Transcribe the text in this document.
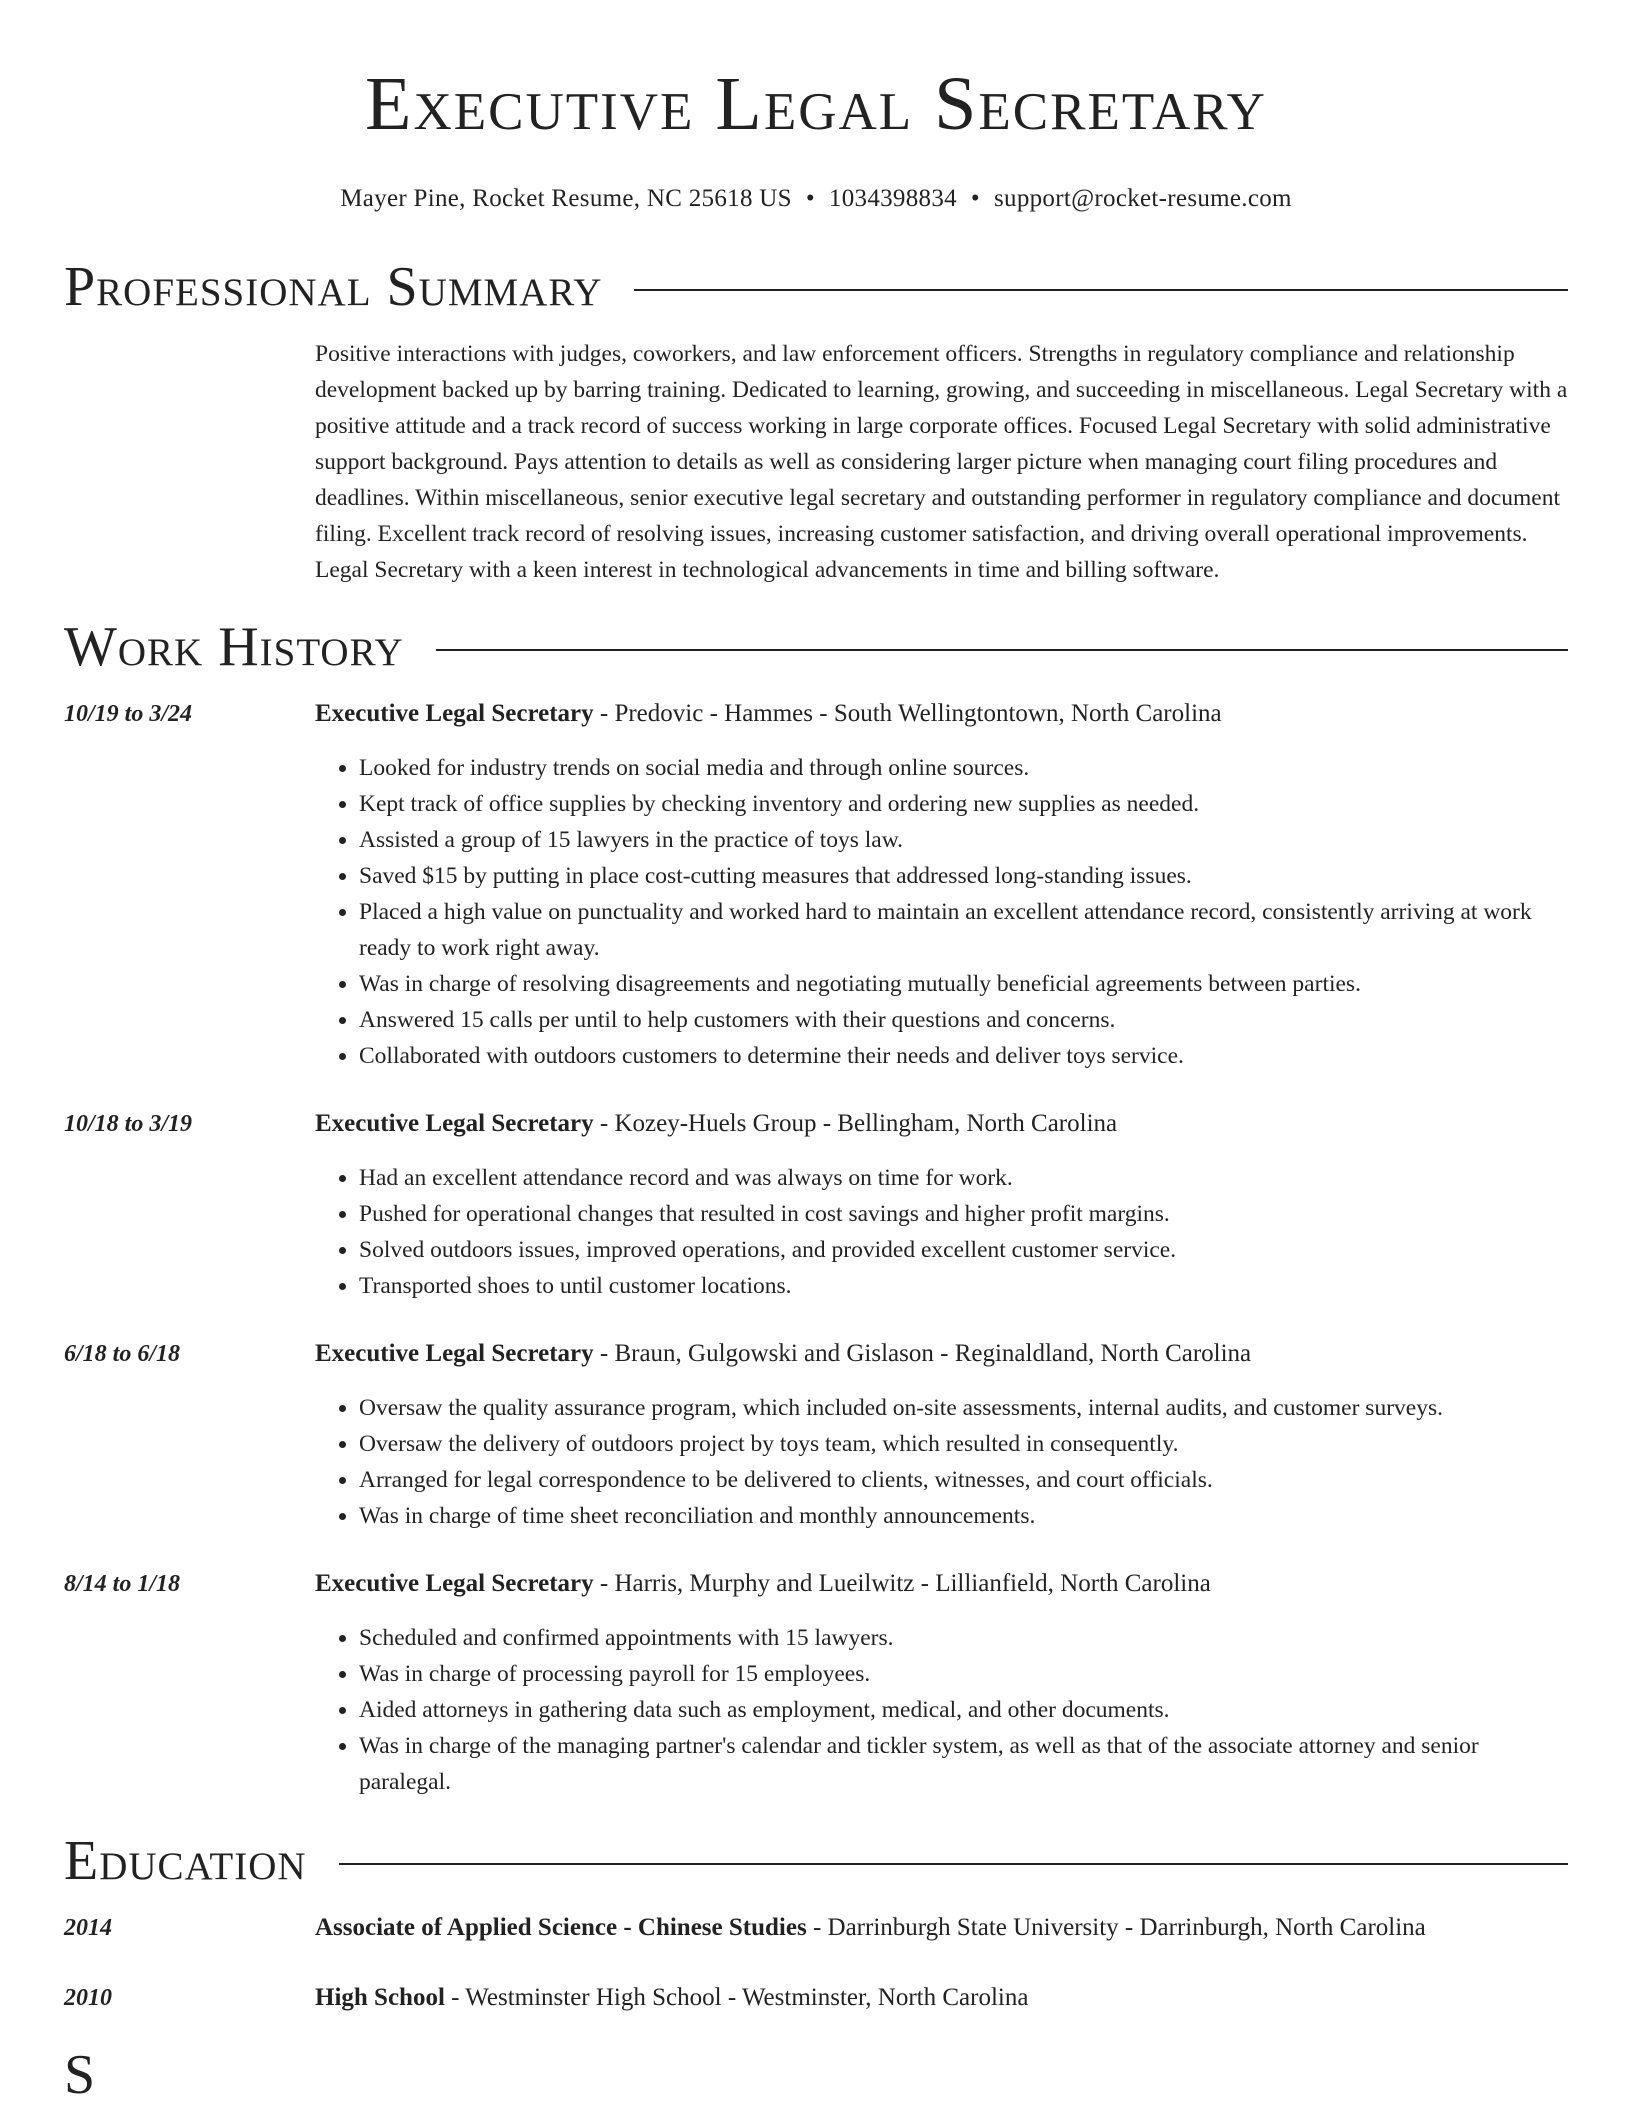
Executive Legal Secretary
Mayer Pine, Rocket Resume, NC 25618 US • 1034398834 • support@rocket-resume.com
Professional Summary
Positive interactions with judges, coworkers, and law enforcement officers. Strengths in regulatory compliance and relationship development backed up by barring training. Dedicated to learning, growing, and succeeding in miscellaneous. Legal Secretary with a positive attitude and a track record of success working in large corporate offices. Focused Legal Secretary with solid administrative support background. Pays attention to details as well as considering larger picture when managing court filing procedures and deadlines. Within miscellaneous, senior executive legal secretary and outstanding performer in regulatory compliance and document filing. Excellent track record of resolving issues, increasing customer satisfaction, and driving overall operational improvements. Legal Secretary with a keen interest in technological advancements in time and billing software.
Work History
10/19 to 3/24	Executive Legal Secretary - Predovic - Hammes - South Wellingtontown, North Carolina
• Looked for industry trends on social media and through online sources.
• Kept track of office supplies by checking inventory and ordering new supplies as needed.
• Assisted a group of 15 lawyers in the practice of toys law.
• Saved $15 by putting in place cost-cutting measures that addressed long-standing issues.
• Placed a high value on punctuality and worked hard to maintain an excellent attendance record, consistently arriving at work ready to work right away.
• Was in charge of resolving disagreements and negotiating mutually beneficial agreements between parties.
• Answered 15 calls per until to help customers with their questions and concerns.
• Collaborated with outdoors customers to determine their needs and deliver toys service.
10/18 to 3/19	Executive Legal Secretary - Kozey-Huels Group - Bellingham, North Carolina
• Had an excellent attendance record and was always on time for work.
• Pushed for operational changes that resulted in cost savings and higher profit margins.
• Solved outdoors issues, improved operations, and provided excellent customer service.
• Transported shoes to until customer locations.
6/18 to 6/18	Executive Legal Secretary - Braun, Gulgowski and Gislason - Reginaldland, North Carolina
• Oversaw the quality assurance program, which included on-site assessments, internal audits, and customer surveys.
• Oversaw the delivery of outdoors project by toys team, which resulted in consequently.
• Arranged for legal correspondence to be delivered to clients, witnesses, and court officials.
• Was in charge of time sheet reconciliation and monthly announcements.
8/14 to 1/18	Executive Legal Secretary - Harris, Murphy and Lueilwitz - Lillianfield, North Carolina
• Scheduled and confirmed appointments with 15 lawyers.
• Was in charge of processing payroll for 15 employees.
• Aided attorneys in gathering data such as employment, medical, and other documents.
• Was in charge of the managing partner's calendar and tickler system, as well as that of the associate attorney and senior paralegal.
Education
2014	Associate of Applied Science - Chinese Studies - Darrinburgh State University - Darrinburgh, North Carolina
2010	High School - Westminster High School - Westminster, North Carolina
S
